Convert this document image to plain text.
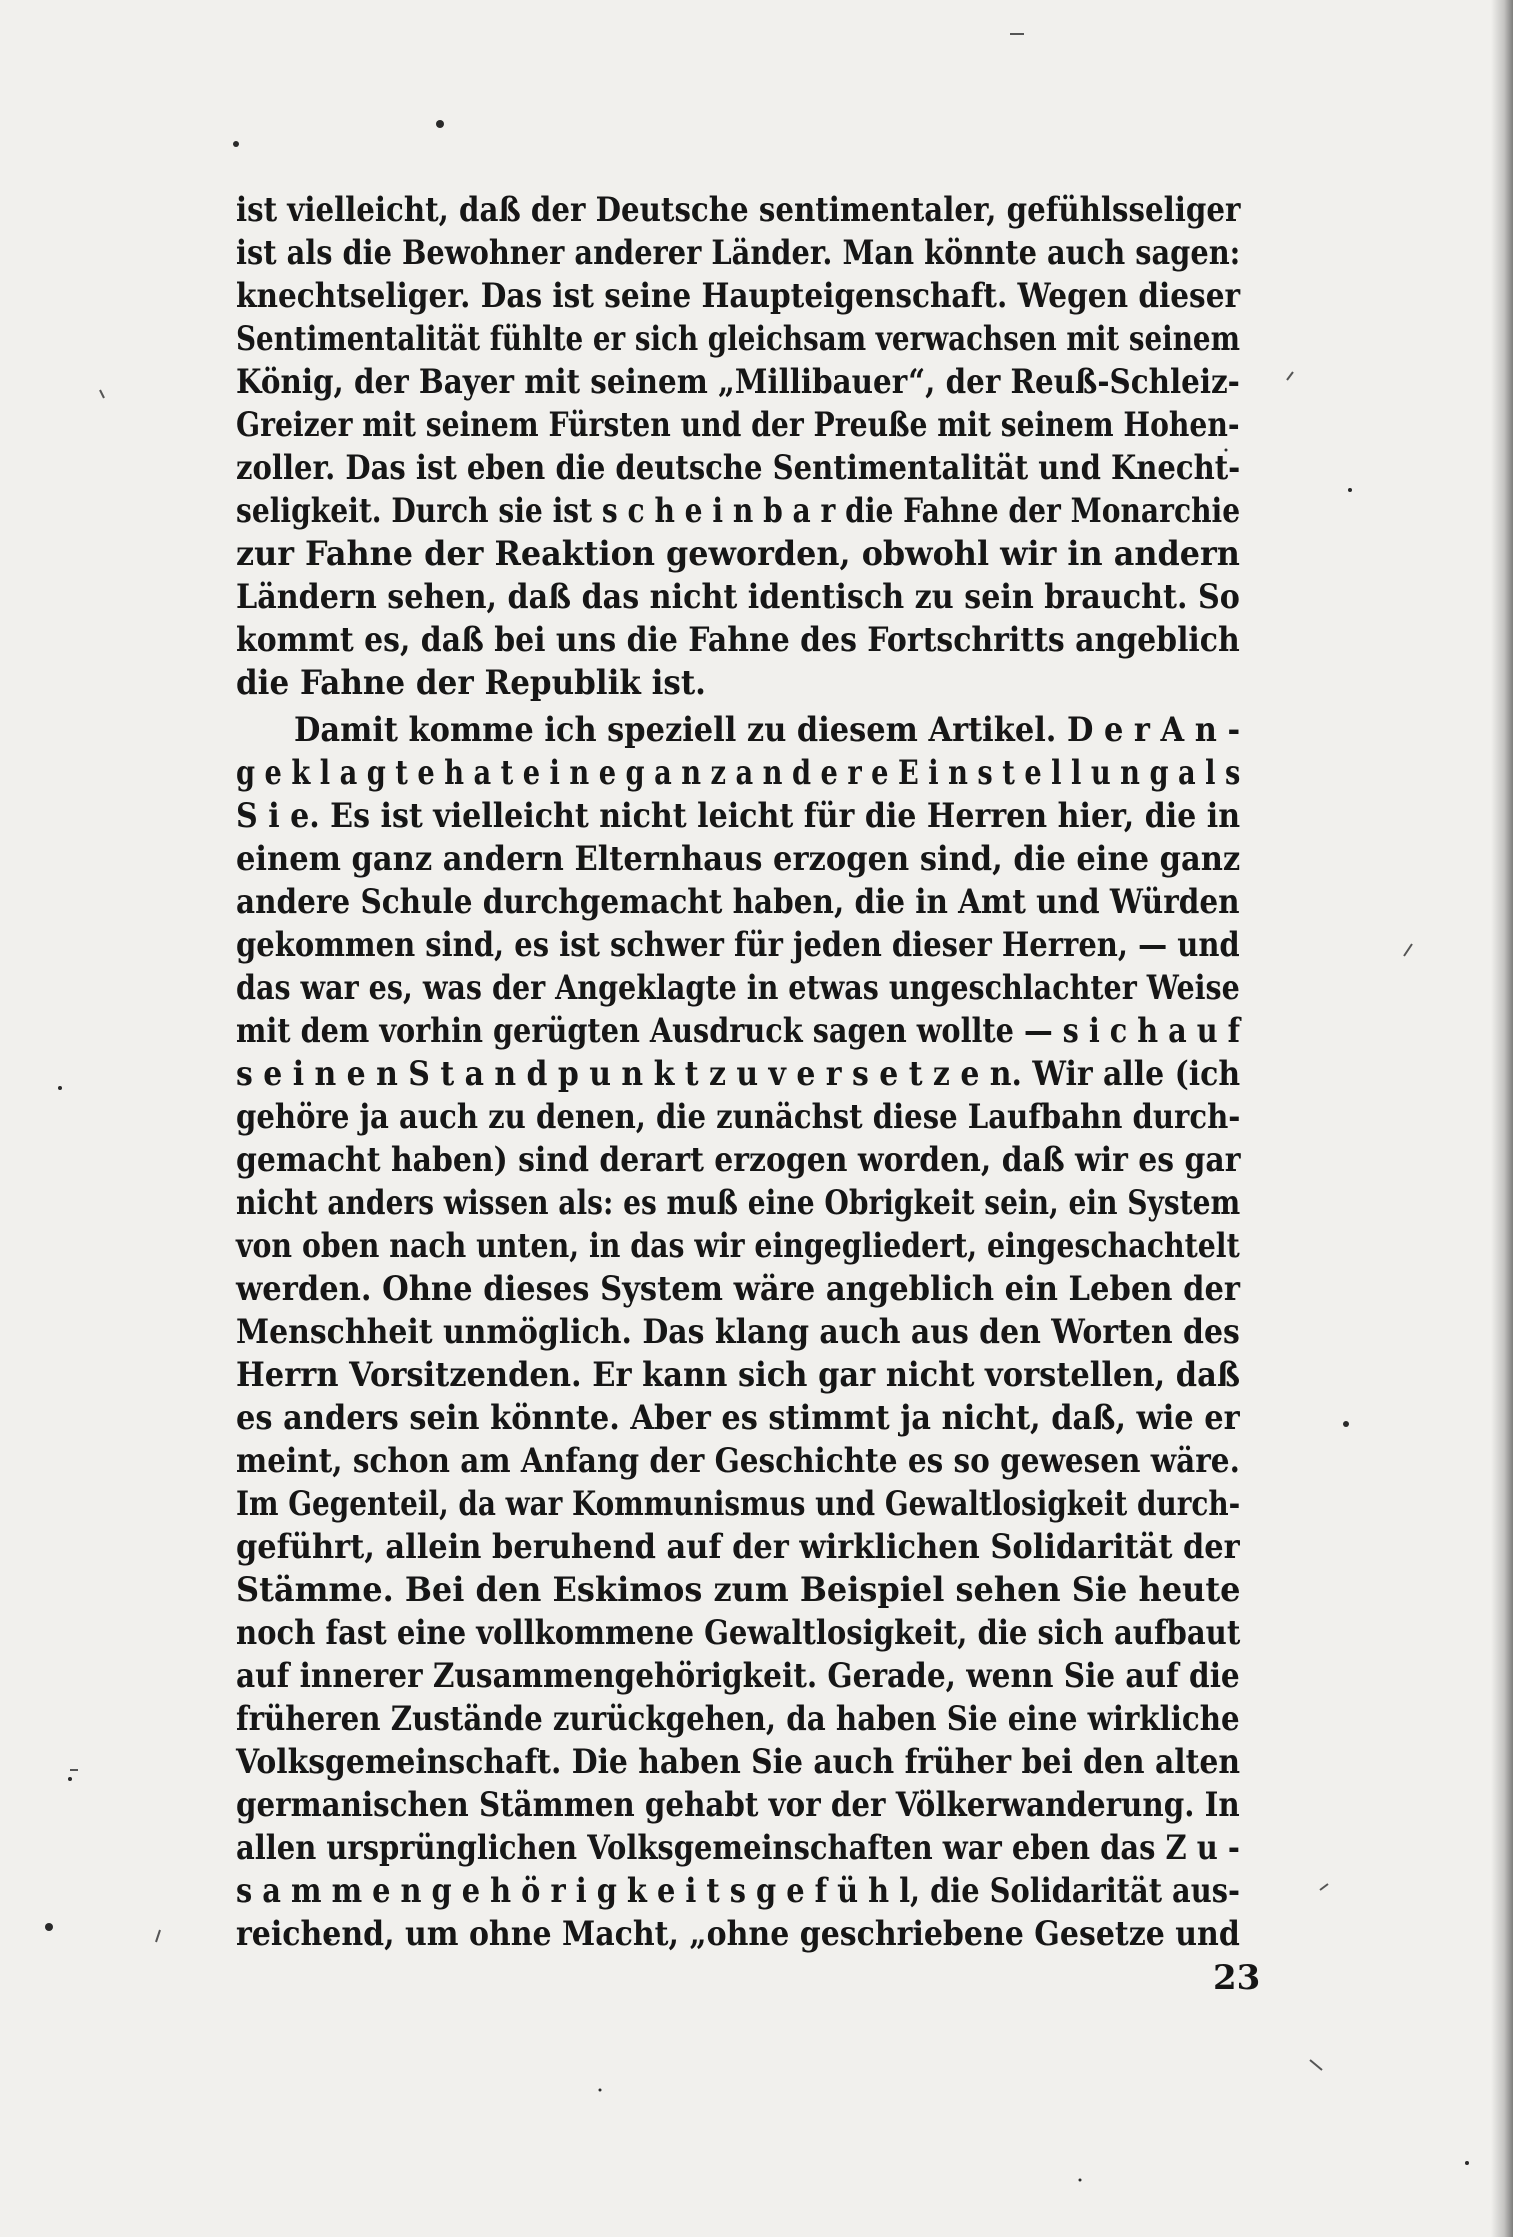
ist vielleicht, daß der Deutsche sentimentaler, gefühlsseliger
ist als die Bewohner anderer Länder. Man könnte auch sagen:
knechtseliger. Das ist seine Haupteigenschaft. Wegen dieser
Sentimentalität fühlte er sich gleichsam verwachsen mit seinem
König, der Bayer mit seinem „Millibauer“, der Reuß-Schleiz-
Greizer mit seinem Fürsten und der Preuße mit seinem Hohen-
zoller. Das ist eben die deutsche Sentimentalität und Knecht-
seligkeit. Durch sie ist s c h e i n b a r die Fahne der Monarchie
zur Fahne der Reaktion geworden, obwohl wir in andern
Ländern sehen, daß das nicht identisch zu sein braucht. So
kommt es, daß bei uns die Fahne des Fortschritts angeblich
die Fahne der Republik ist.
Damit komme ich speziell zu diesem Artikel. D e r A n -
g e k l a g t e h a t e i n e g a n z a n d e r e E i n s t e l l u n g a l s
S i e. Es ist vielleicht nicht leicht für die Herren hier, die in
einem ganz andern Elternhaus erzogen sind, die eine ganz
andere Schule durchgemacht haben, die in Amt und Würden
gekommen sind, es ist schwer für jeden dieser Herren, — und
das war es, was der Angeklagte in etwas ungeschlachter Weise
mit dem vorhin gerügten Ausdruck sagen wollte — s i c h a u f
s e i n e n S t a n d p u n k t z u v e r s e t z e n. Wir alle (ich
gehöre ja auch zu denen, die zunächst diese Laufbahn durch-
gemacht haben) sind derart erzogen worden, daß wir es gar
nicht anders wissen als: es muß eine Obrigkeit sein, ein System
von oben nach unten, in das wir eingegliedert, eingeschachtelt
werden. Ohne dieses System wäre angeblich ein Leben der
Menschheit unmöglich. Das klang auch aus den Worten des
Herrn Vorsitzenden. Er kann sich gar nicht vorstellen, daß
es anders sein könnte. Aber es stimmt ja nicht, daß, wie er
meint, schon am Anfang der Geschichte es so gewesen wäre.
Im Gegenteil, da war Kommunismus und Gewaltlosigkeit durch-
geführt, allein beruhend auf der wirklichen Solidarität der
Stämme. Bei den Eskimos zum Beispiel sehen Sie heute
noch fast eine vollkommene Gewaltlosigkeit, die sich aufbaut
auf innerer Zusammengehörigkeit. Gerade, wenn Sie auf die
früheren Zustände zurückgehen, da haben Sie eine wirkliche
Volksgemeinschaft. Die haben Sie auch früher bei den alten
germanischen Stämmen gehabt vor der Völkerwanderung. In
allen ursprünglichen Volksgemeinschaften war eben das Z u -
s a m m e n g e h ö r i g k e i t s g e f ü h l, die Solidarität aus-
reichend, um ohne Macht, „ohne geschriebene Gesetze und
23
